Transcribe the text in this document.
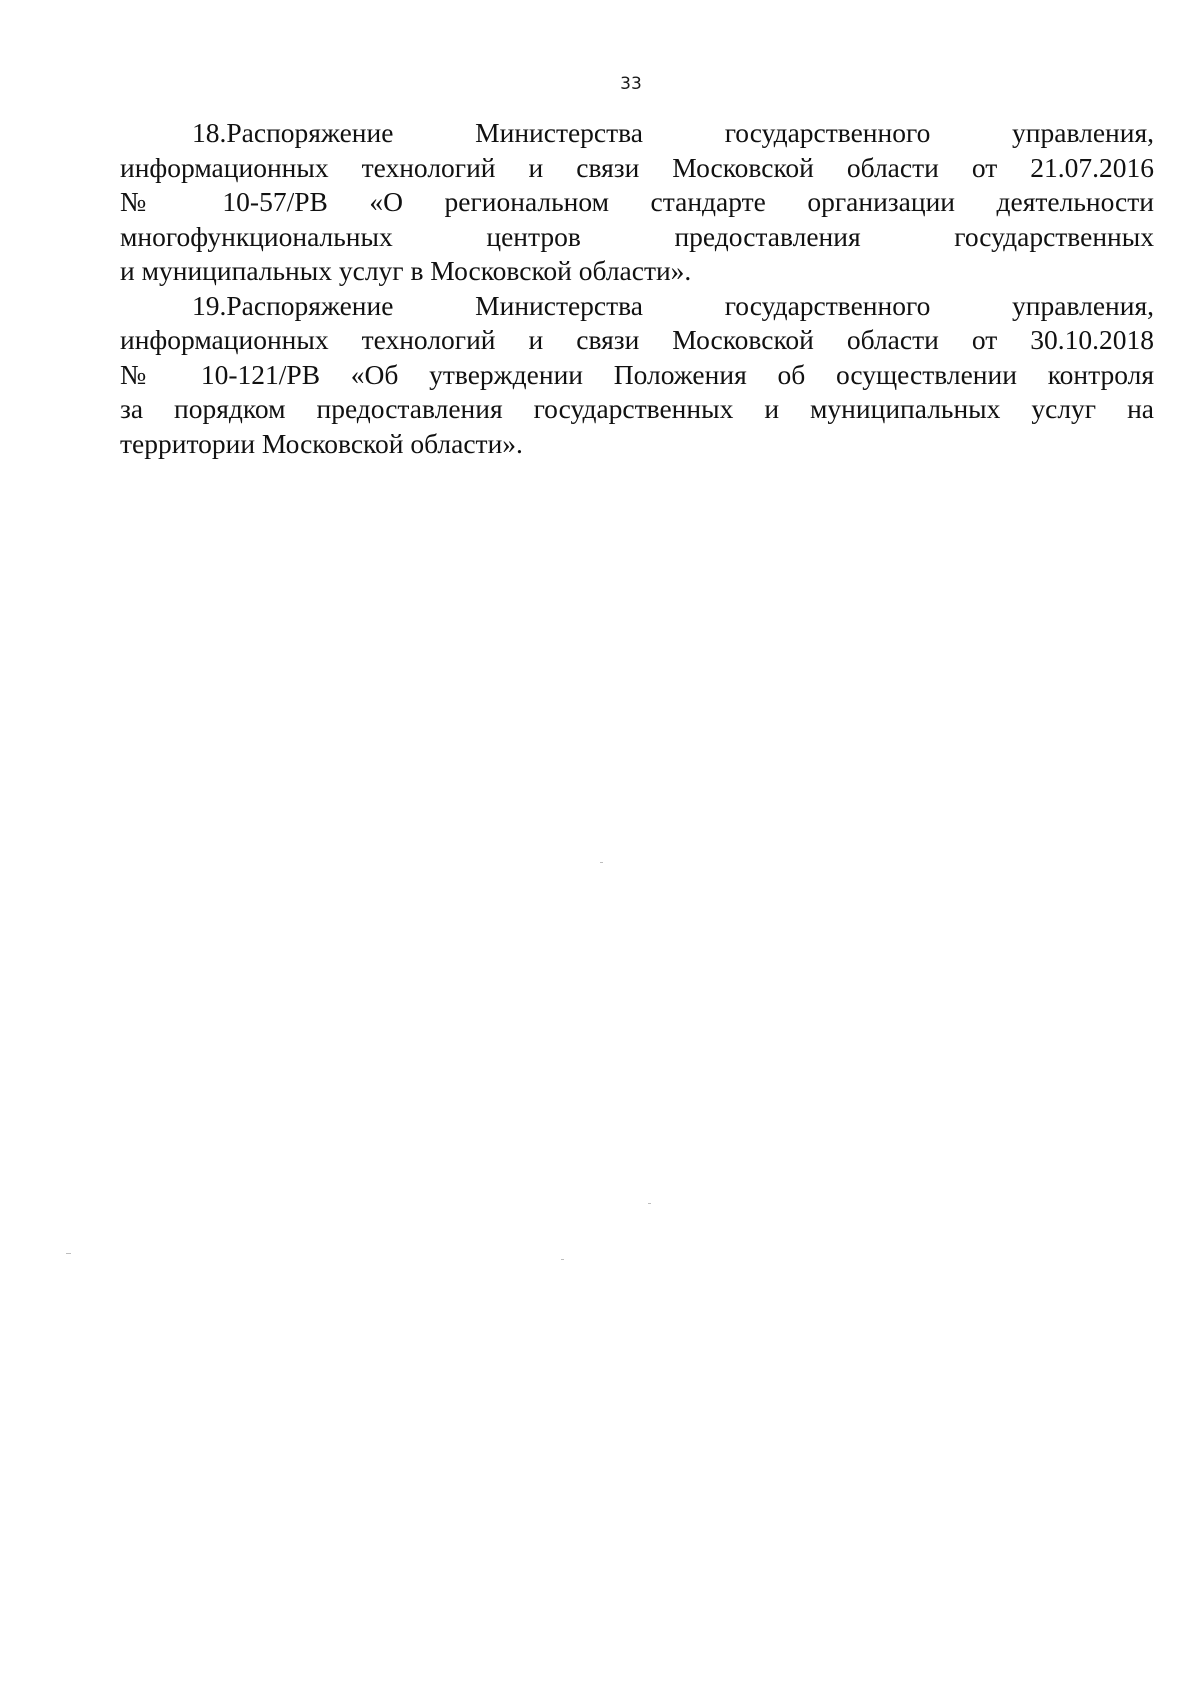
33
18.Распоряжение Министерства государственного управления,
информационных технологий и связи Московской области от 21.07.2016
№ 10-57/РВ «О региональном стандарте организации деятельности
многофункциональных центров предоставления государственных
и муниципальных услуг в Московской области».
19.Распоряжение Министерства государственного управления,
информационных технологий и связи Московской области от 30.10.2018
№ 10-121/РВ «Об утверждении Положения об осуществлении контроля
за порядком предоставления государственных и муниципальных услуг на
территории Московской области».
